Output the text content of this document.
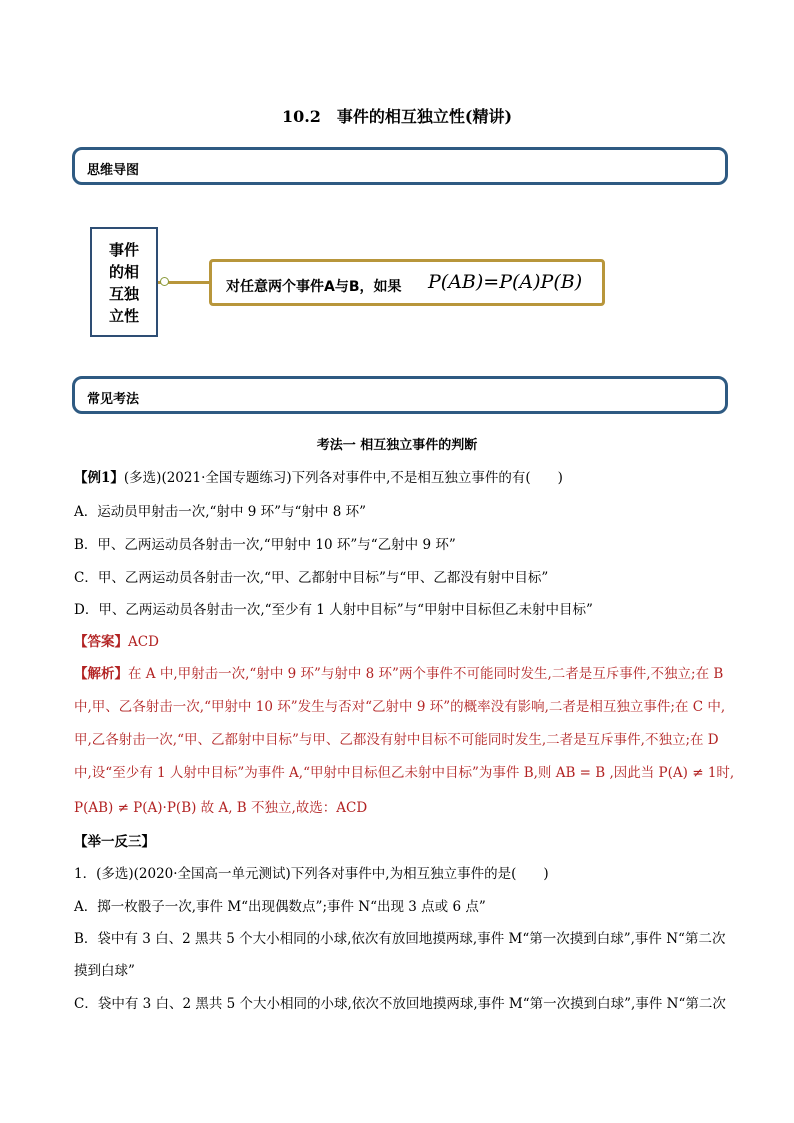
10.2　事件的相互独立性(精讲)
思维导图
事件
的相
互独
立性
对任意两个事件A与B，如果 P(AB)=P(A)P(B)
常见考法
考法一 相互独立事件的判断
【例1】(多选)(2021·全国专题练习)下列各对事件中,不是相互独立事件的有(　　)
A．运动员甲射击一次,“射中 9 环”与“射中 8 环”
B．甲、乙两运动员各射击一次,“甲射中 10 环”与“乙射中 9 环”
C．甲、乙两运动员各射击一次,“甲、乙都射中目标”与“甲、乙都没有射中目标”
D．甲、乙两运动员各射击一次,“至少有 1 人射中目标”与“甲射中目标但乙未射中目标”
【答案】ACD
【解析】在 A 中,甲射击一次,“射中 9 环”与射中 8 环”两个事件不可能同时发生,二者是互斥事件,不独立;在 B
中,甲、乙各射击一次,“甲射中 10 环”发生与否对“乙射中 9 环”的概率没有影响,二者是相互独立事件;在 C 中,
甲,乙各射击一次,“甲、乙都射中目标”与甲、乙都没有射中目标不可能同时发生,二者是互斥事件,不独立;在 D
中,设“至少有 1 人射中目标”为事件 A,“甲射中目标但乙未射中目标”为事件 B,则 AB = B ,因此当 P(A) ≠ 1时,
P(AB) ≠ P(A)·P(B) 故 A, B 不独立,故选：ACD
【举一反三】
1．(多选)(2020·全国高一单元测试)下列各对事件中,为相互独立事件的是(　　)
A．掷一枚骰子一次,事件 M“出现偶数点”;事件 N“出现 3 点或 6 点”
B．袋中有 3 白、2 黑共 5 个大小相同的小球,依次有放回地摸两球,事件 M“第一次摸到白球”,事件 N“第二次
摸到白球”
C．袋中有 3 白、2 黑共 5 个大小相同的小球,依次不放回地摸两球,事件 M“第一次摸到白球”,事件 N“第二次
